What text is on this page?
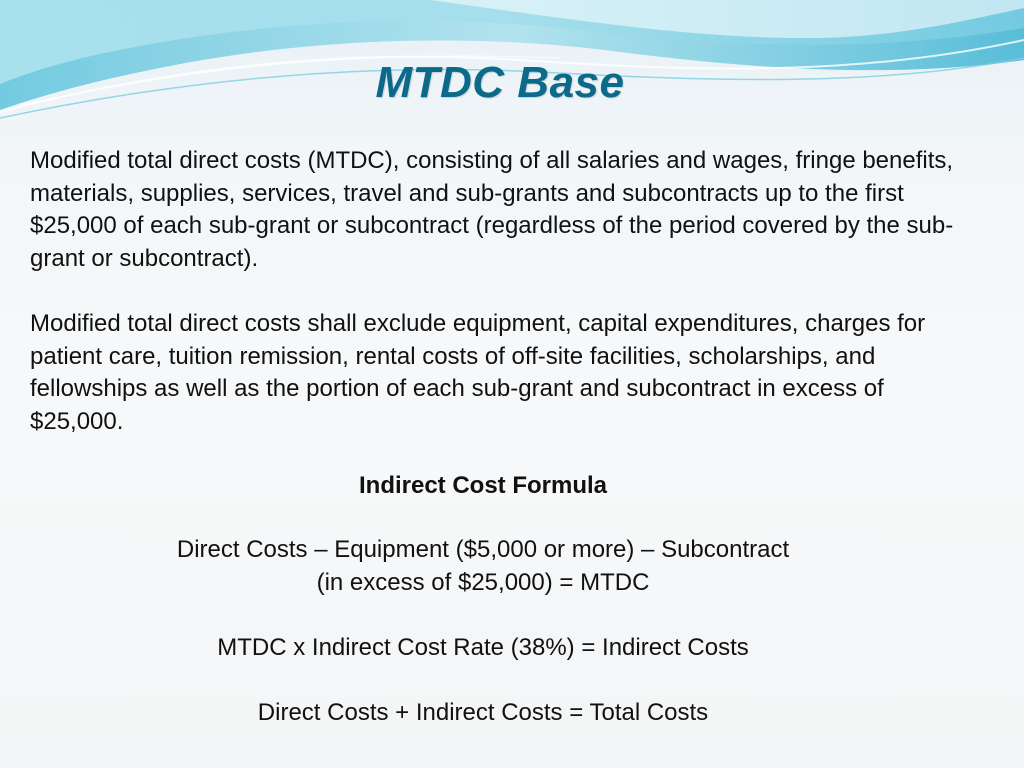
MTDC Base

Modified total direct costs (MTDC), consisting of all salaries and wages, fringe benefits, materials, supplies, services, travel and sub-grants and subcontracts up to the first $25,000 of each sub-grant or subcontract (regardless of the period covered by the sub-grant or subcontract).

Modified total direct costs shall exclude equipment, capital expenditures, charges for patient care, tuition remission, rental costs of off-site facilities, scholarships, and fellowships as well as the portion of each sub-grant and subcontract in excess of $25,000.

Indirect Cost Formula

Direct Costs – Equipment ($5,000 or more) – Subcontract
(in excess of $25,000) = MTDC

MTDC x Indirect Cost Rate (38%) = Indirect Costs

Direct Costs + Indirect Costs = Total Costs
